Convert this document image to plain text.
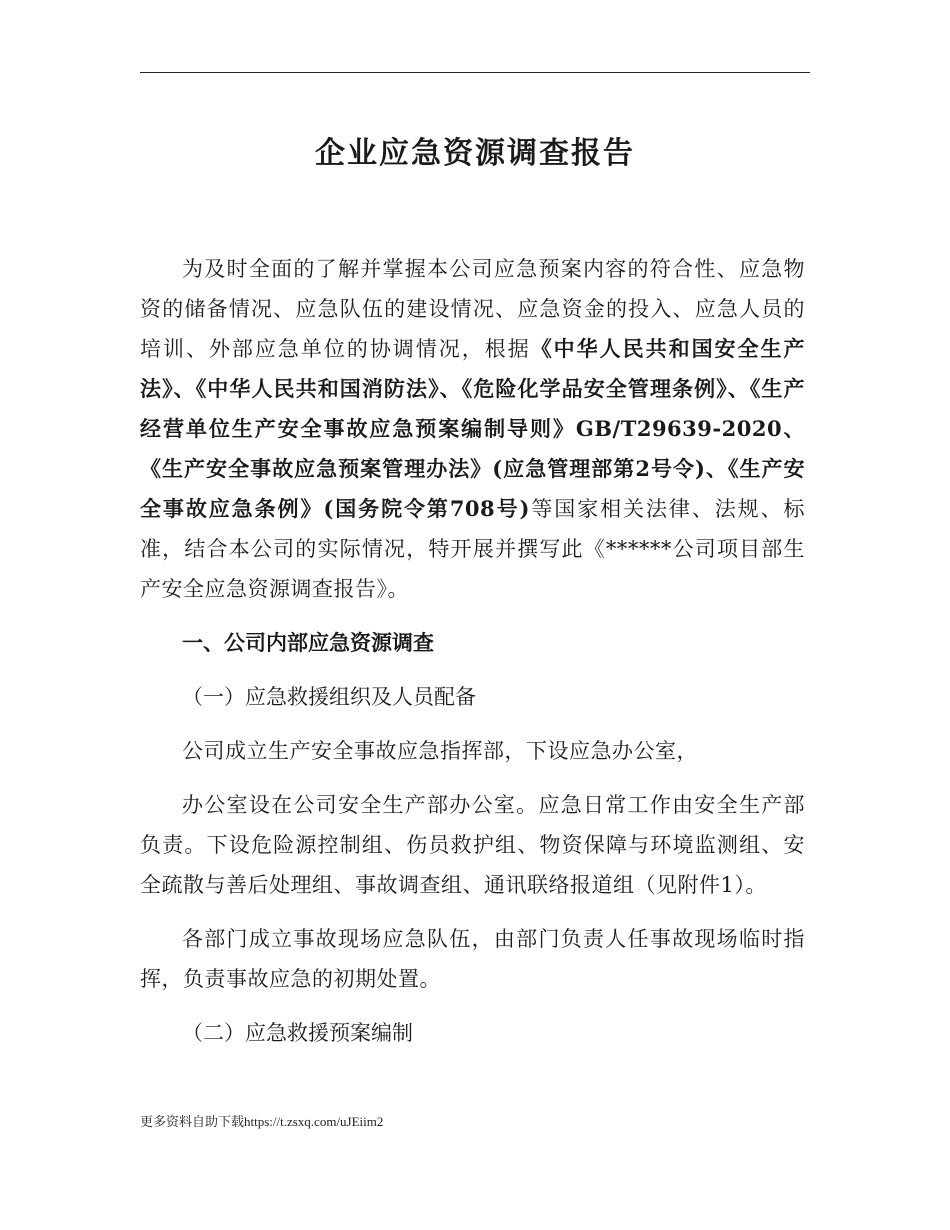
企业应急资源调查报告

为及时全面的了解并掌握本公司应急预案内容的符合性、应急物资的储备情况、应急队伍的建设情况、应急资金的投入、应急人员的培训、外部应急单位的协调情况，根据《中华人民共和国安全生产法》、《中华人民共和国消防法》、《危险化学品安全管理条例》、《生产经营单位生产安全事故应急预案编制导则》GB/T29639-2020、《生产安全事故应急预案管理办法》(应急管理部第2号令)、《生产安全事故应急条例》(国务院令第708号)等国家相关法律、法规、标准，结合本公司的实际情况，特开展并撰写此《******公司项目部生产安全应急资源调查报告》。

一、公司内部应急资源调查

（一）应急救援组织及人员配备

公司成立生产安全事故应急指挥部，下设应急办公室，

办公室设在公司安全生产部办公室。应急日常工作由安全生产部负责。下设危险源控制组、伤员救护组、物资保障与环境监测组、安全疏散与善后处理组、事故调查组、通讯联络报道组（见附件1）。

各部门成立事故现场应急队伍，由部门负责人任事故现场临时指挥，负责事故应急的初期处置。

（二）应急救援预案编制

更多资料自助下载https://t.zsxq.com/uJEiim2
